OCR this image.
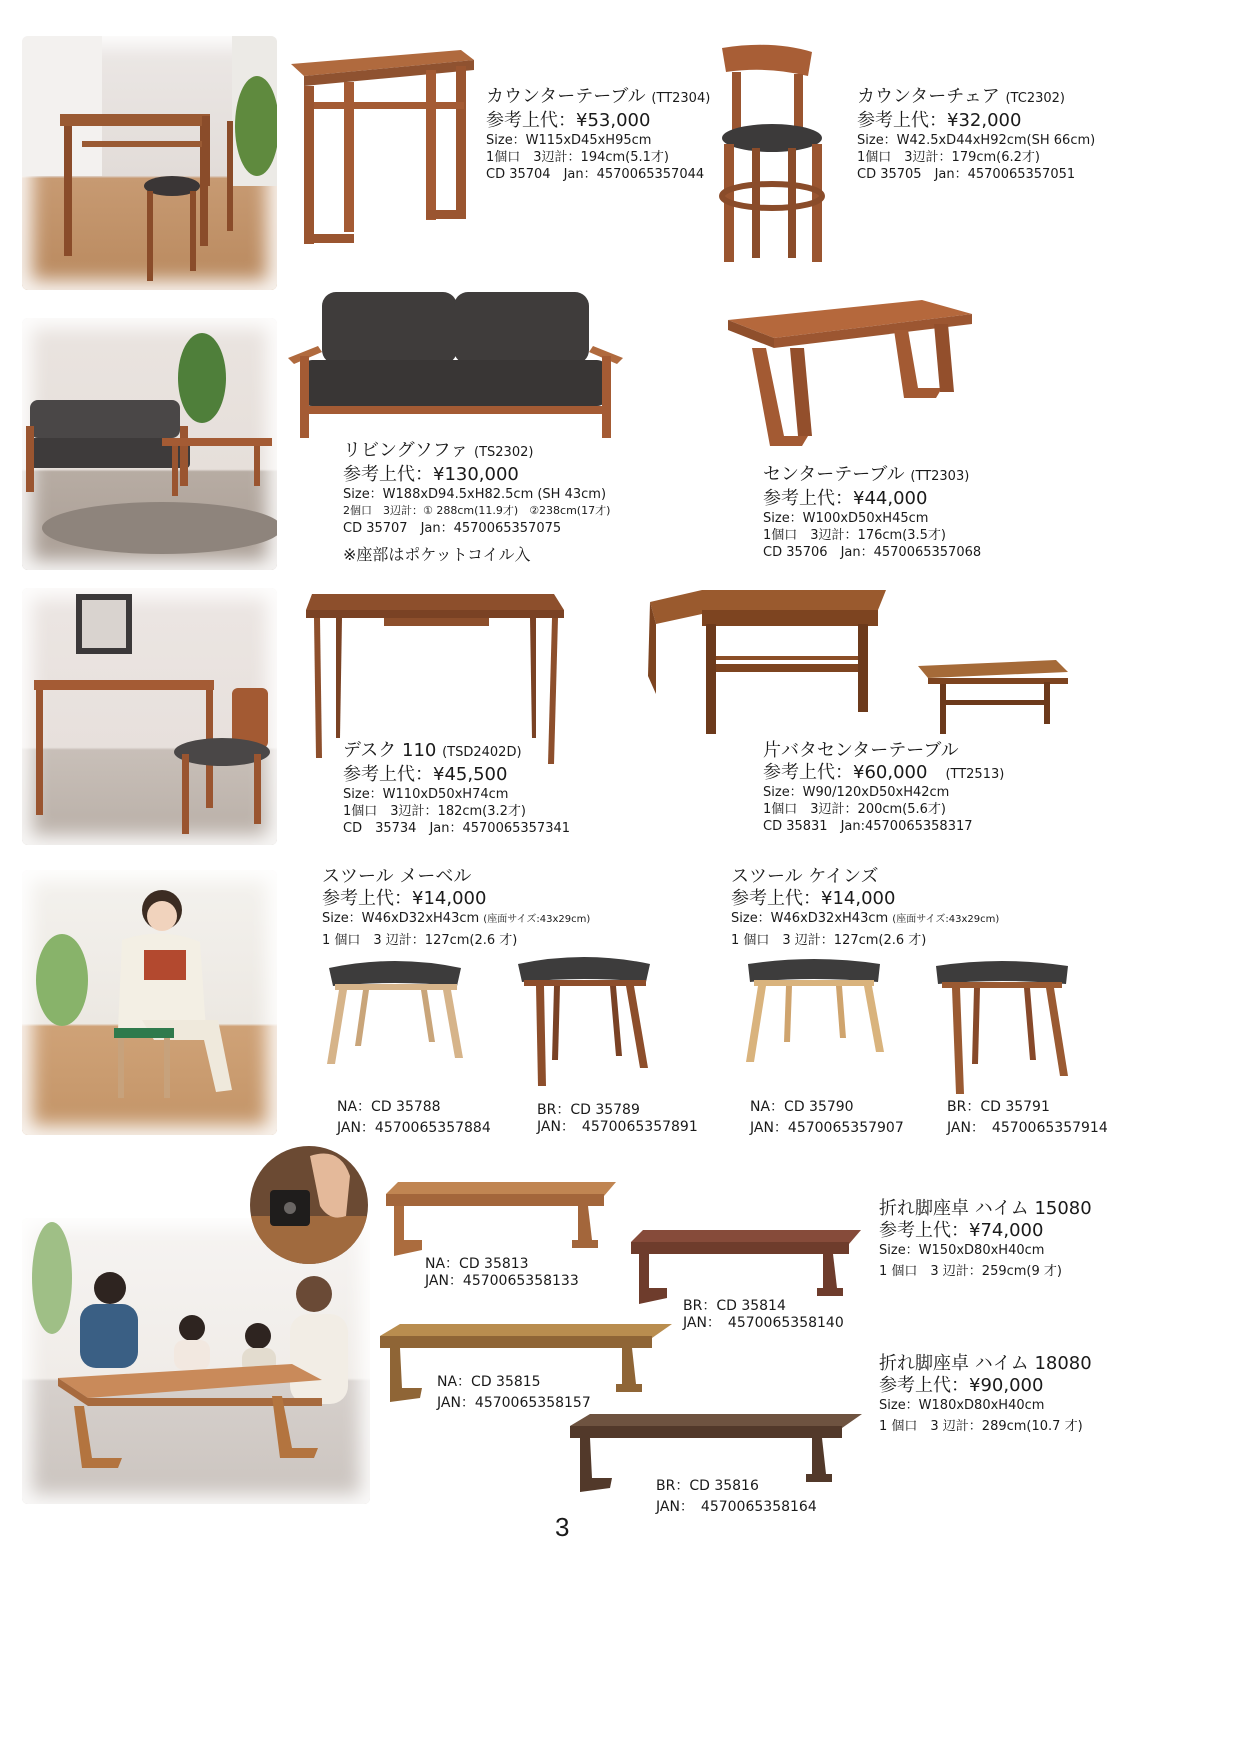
カウンターテーブル (TT2304)
参考上代：¥53,000
Size：W115xD45xH95cm
1個口　3辺計：194cm(5.1才)
CD 35704　Jan：4570065357044
カウンターチェア (TC2302)
参考上代：¥32,000
Size：W42.5xD44xH92cm(SH 66cm)
1個口　3辺計：179cm(6.2才)
CD 35705　Jan：4570065357051
リビングソファ (TS2302)
参考上代：¥130,000
Size：W188xD94.5xH82.5cm (SH 43cm)
2個口　3辺計：① 288cm(11.9才)　②238cm(17才)
CD 35707　Jan：4570065357075
※座部はポケットコイル入
センターテーブル (TT2303)
参考上代：¥44,000
Size：W100xD50xH45cm
1個口　3辺計：176cm(3.5才)
CD 35706　Jan：4570065357068
デスク 110 (TSD2402D)
参考上代：¥45,500
Size：W110xD50xH74cm
1個口　3辺計：182cm(3.2才)
CD　35734　Jan：4570065357341
片バタセンターテーブル
参考上代：¥60,000　 (TT2513)
Size：W90/120xD50xH42cm
1個口　3辺計：200cm(5.6才)
CD 35831　Jan:4570065358317
スツール メーベル
参考上代：¥14,000
Size：W46xD32xH43cm (座面サイズ:43x29cm)
1 個口　3 辺計：127cm(2.6 才)
スツール ケインズ
参考上代：¥14,000
Size：W46xD32xH43cm (座面サイズ:43x29cm)
1 個口　3 辺計：127cm(2.6 才)
NA：CD 35788
JAN：4570065357884
BR：CD 35789
JAN：　4570065357891
NA：CD 35790
JAN：4570065357907
BR：CD 35791
JAN：　4570065357914
NA：CD 35813
JAN：4570065358133
BR：CD 35814
JAN：　4570065358140
折れ脚座卓 ハイム 15080
参考上代：¥74,000
Size：W150xD80xH40cm
1 個口　3 辺計：259cm(9 才)
NA：CD 35815
JAN：4570065358157
BR：CD 35816
JAN：　4570065358164
折れ脚座卓 ハイム 18080
参考上代：¥90,000
Size：W180xD80xH40cm
1 個口　3 辺計：289cm(10.7 才)
3
